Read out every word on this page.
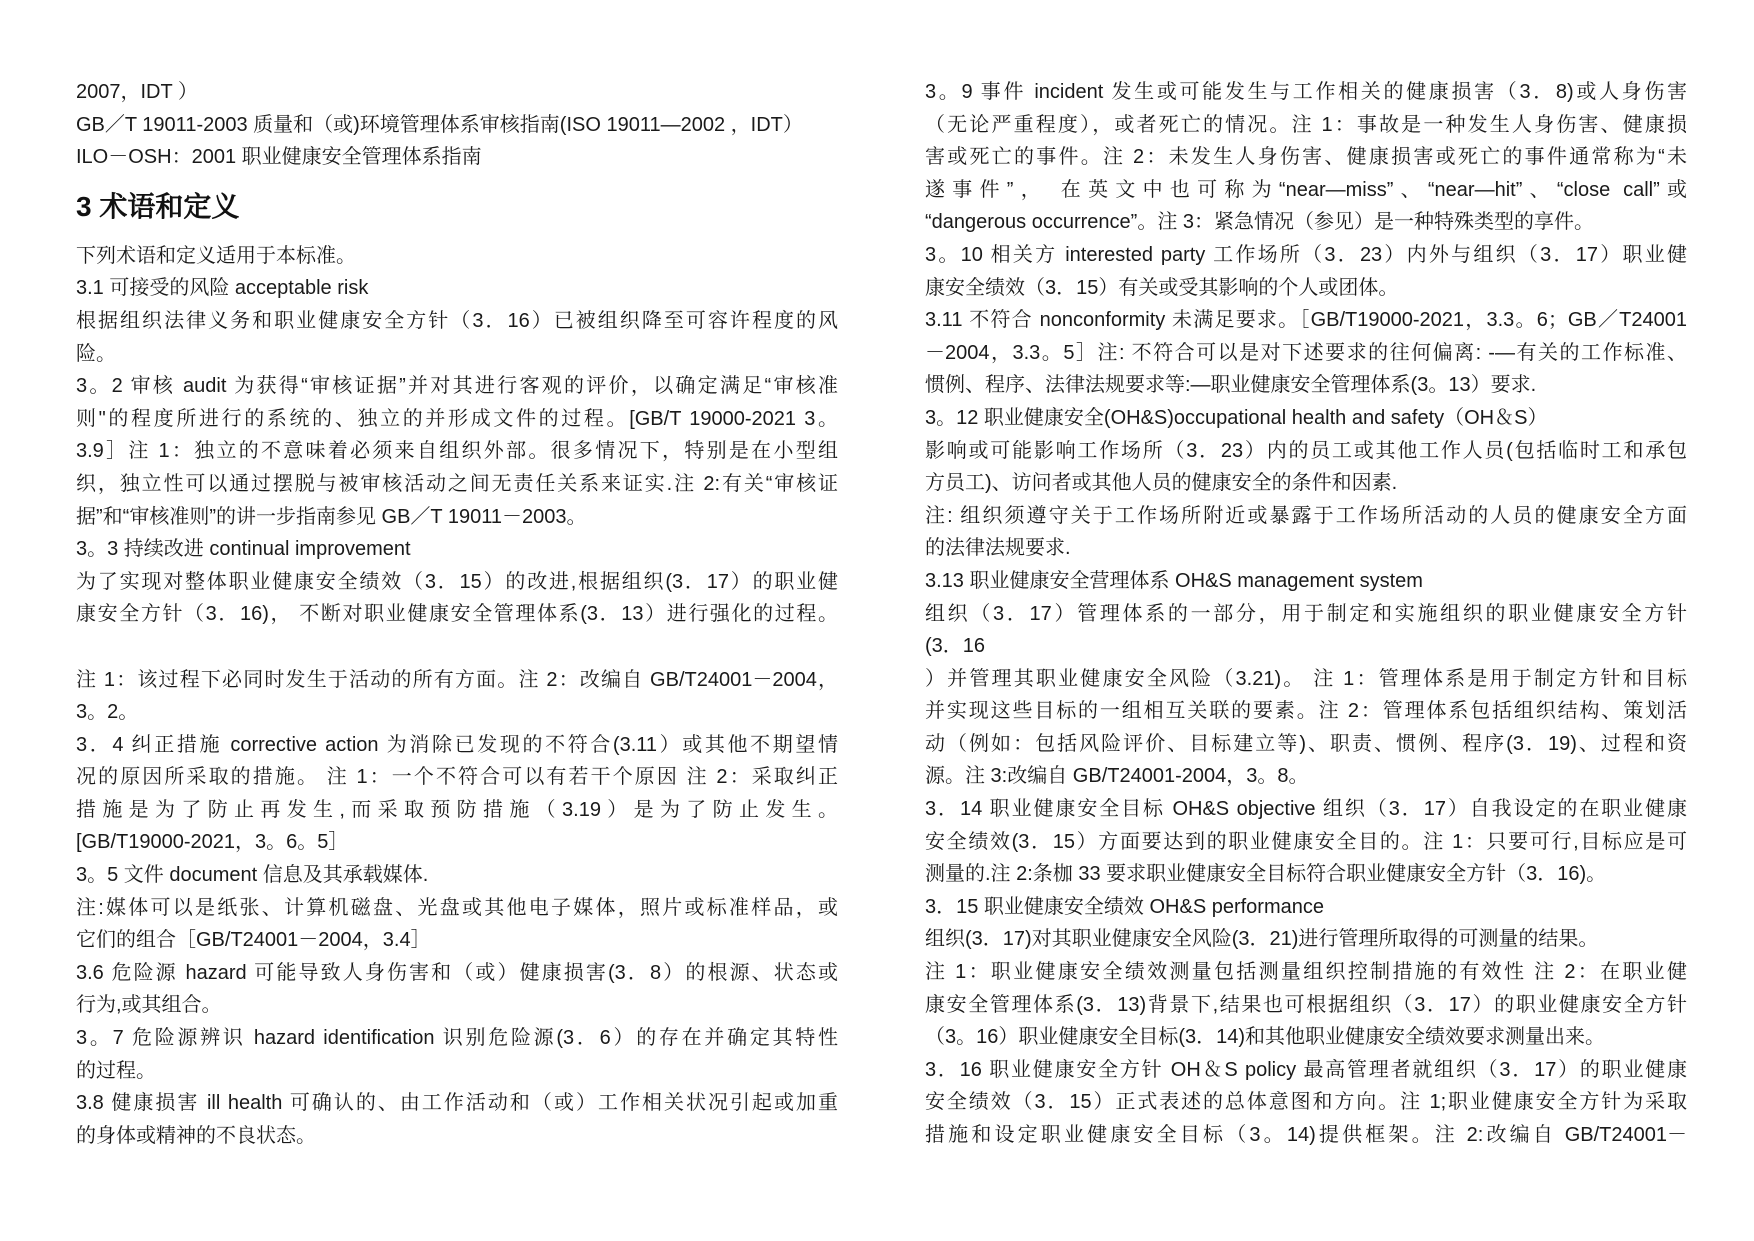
2007，IDT ）
GB／T 19011-2003 质量和（或)环境管理体系审核指南(ISO 19011—2002 ，IDT）
ILO－OSH：2001 职业健康安全管理体系指南
3 术语和定义
下列术语和定义适用于本标准。
3.1 可接受的风险 acceptable risk
根据组织法律义务和职业健康安全方针（3．16）已被组织降至可容许程度的风
险。
3。2 审核 audit 为获得“审核证据”并对其进行客观的评价，以确定满足“审核准
则"的程度所进行的系统的、独立的并形成文件的过程。[GB/T 19000-2021 3。
3.9］注 1：独立的不意味着必须来自组织外部。很多情况下，特别是在小型组
织，独立性可以通过摆脱与被审核活动之间无责任关系来证实.注 2:有关“审核证
据”和“审核准则”的讲一步指南参见 GB／T 19011－2003。
3。3 持续改进 continual improvement
为了实现对整体职业健康安全绩效（3．15）的改进,根据组织(3．17）的职业健
康安全方针（3．16)， 不断对职业健康安全管理体系(3．13）进行强化的过程。
注 1：该过程下必同时发生于活动的所有方面。注 2：改编自 GB/T24001－2004，
3。2。
3．4 纠正措施 corrective action 为消除已发现的不符合(3.11）或其他不期望情
况的原因所采取的措施。 注 1：一个不符合可以有若干个原因 注 2：采取纠正
措施是为了防止再发生,而采取预防措施（3.19）是为了防止发生。
[GB/T19000-2021，3。6。5］
3。5 文件 document 信息及其承载媒体.
注:媒体可以是纸张、计算机磁盘、光盘或其他电子媒体，照片或标准样品，或
它们的组合［GB/T24001－2004，3.4］
3.6 危险源 hazard 可能导致人身伤害和（或）健康损害(3．8）的根源、状态或
行为,或其组合。
3。7 危险源辨识 hazard identification 识别危险源(3．6）的存在并确定其特性
的过程。
3.8 健康损害 ill health 可确认的、由工作活动和（或）工作相关状况引起或加重
的身体或精神的不良状态。
3。9 事件 incident 发生或可能发生与工作相关的健康损害（3．8)或人身伤害
（无论严重程度），或者死亡的情况。注 1：事故是一种发生人身伤害、健康损
害或死亡的事件。注 2：未发生人身伤害、健康损害或死亡的事件通常称为“未
遂事件”， 在英文中也可称为“near—miss”、“near—hit”、“close call”或
“dangerous occurrence”。注 3：紧急情况（参见）是一种特殊类型的享件。
3。10 相关方 interested party 工作场所（3．23）内外与组织（3．17）职业健
康安全绩效（3．15）有关或受其影响的个人或团体。
3.11 不符合 nonconformity 未满足要求。［GB/T19000-2021，3.3。6；GB／T24001
－2004，3.3。5］注: 不符合可以是对下述要求的往何偏离: -—有关的工作标准、
惯例、程序、法律法规要求等:—职业健康安全管理体系(3。13）要求.
3。12 职业健康安全(OH&S)occupational health and safety（OH＆S）
影响或可能影响工作场所（3．23）内的员工或其他工作人员(包括临时工和承包
方员工)、访问者或其他人员的健康安全的条件和因素.
注: 组织须遵守关于工作场所附近或暴露于工作场所活动的人员的健康安全方面
的法律法规要求.
3.13 职业健康安全营理体系 OH&S management system
组织（3．17）管理体系的一部分，用于制定和实施组织的职业健康安全方针
(3．16
）并管理其职业健康安全风险（3.21)。 注 1：管理体系是用于制定方针和目标
并实现这些目标的一组相互关联的要素。注 2：管理体系包括组织结构、策划活
动（例如：包括风险评价、目标建立等)、职责、惯例、程序(3．19)、过程和资
源。注 3:改编自 GB/T24001-2004，3。8。
3．14 职业健康安全目标 OH&S objective 组织（3．17）自我设定的在职业健康
安全绩效(3．15）方面要达到的职业健康安全目的。注 1：只要可行,目标应是可
测量的.注 2:条枷 33 要求职业健康安全目标符合职业健康安全方针（3．16)。
3．15 职业健康安全绩效 OH&S performance
组织(3．17)对其职业健康安全风险(3．21)进行管理所取得的可测量的结果。
注 1：职业健康安全绩效测量包括测量组织控制措施的有效性 注 2：在职业健
康安全管理体系(3．13)背景下,结果也可根据组织（3．17）的职业健康安全方针
（3。16）职业健康安全目标(3．14)和其他职业健康安全绩效要求测量出来。
3．16 职业健康安全方针 OH＆S policy 最高管理者就组织（3．17）的职业健康
安全绩效（3．15）正式表述的总体意图和方向。注 1;职业健康安全方针为采取
措施和设定职业健康安全目标（3。14)提供框架。注 2:改编自 GB/T24001－
